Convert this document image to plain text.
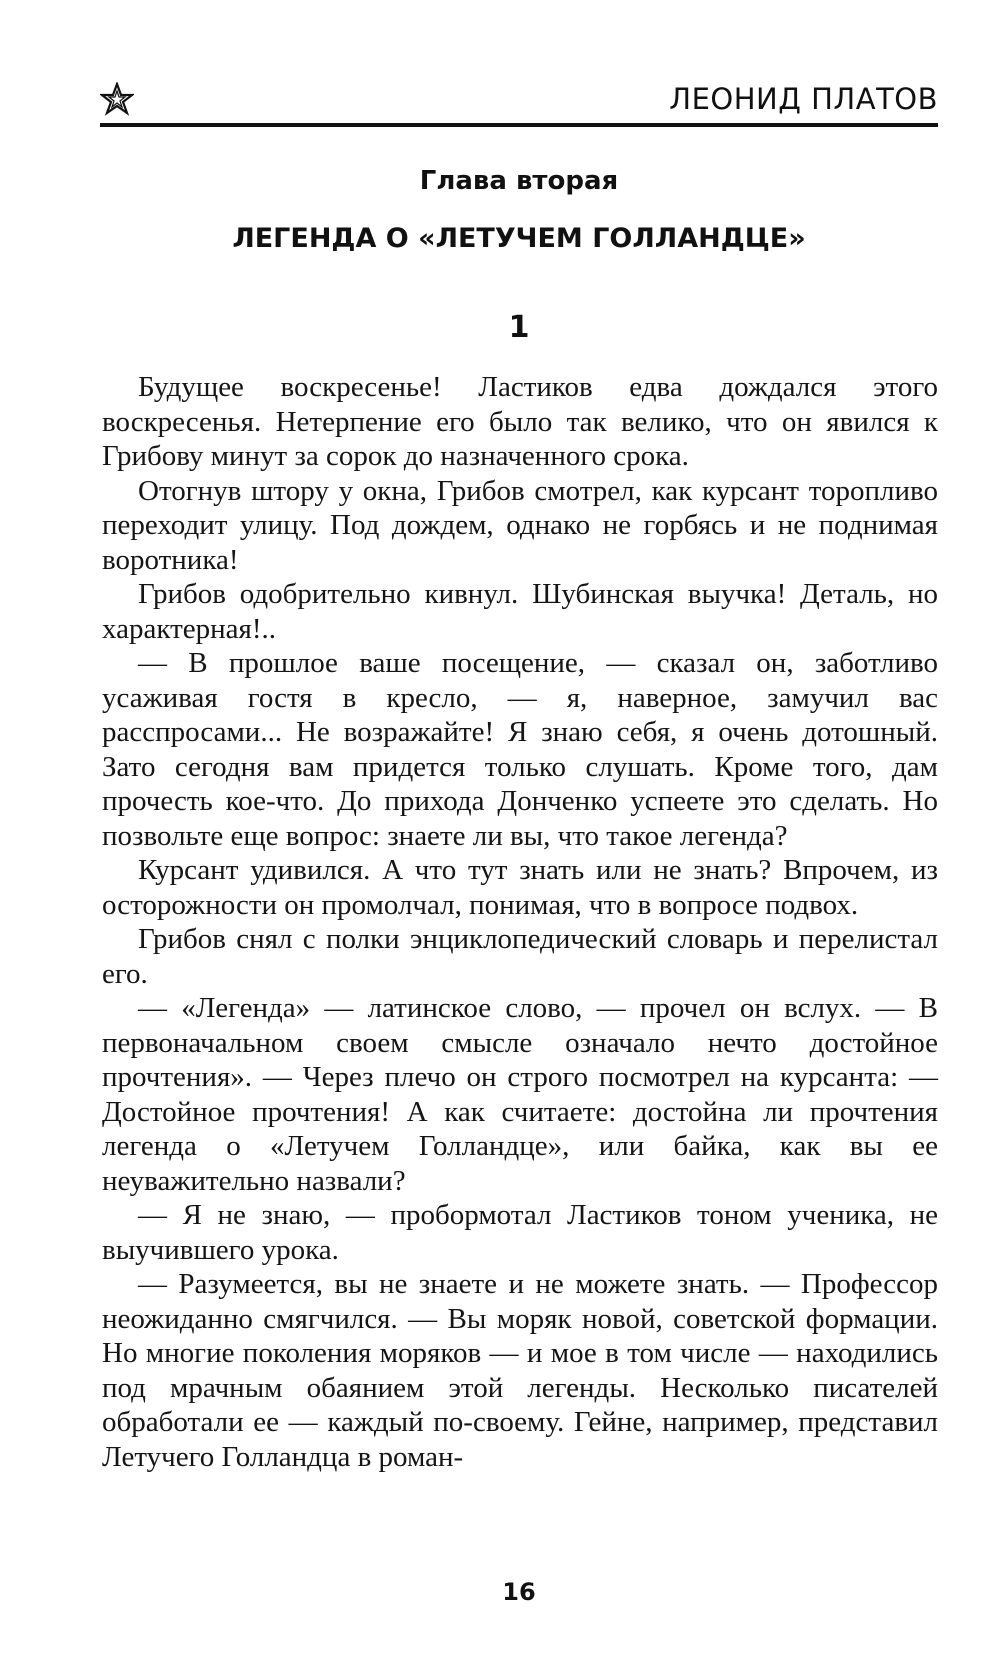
ЛЕОНИД ПЛАТОВ
Глава вторая
ЛЕГЕНДА О «ЛЕТУЧЕМ ГОЛЛАНДЦЕ»
1

Будущее воскресенье! Ластиков едва дождался этого воскресенья. Нетерпение его было так велико, что он явился к Грибову минут за сорок до назначенного срока.

Отогнув штору у окна, Грибов смотрел, как курсант торопливо переходит улицу. Под дождем, однако не горбясь и не поднимая воротника!

Грибов одобрительно кивнул. Шубинская выучка! Деталь, но характерная!..

— В прошлое ваше посещение, — сказал он, заботливо усаживая гостя в кресло, — я, наверное, замучил вас расспросами... Не возражайте! Я знаю себя, я очень дотошный. Зато сегодня вам придется только слушать. Кроме того, дам прочесть кое-что. До прихода Донченко успеете это сделать. Но позвольте еще вопрос: знаете ли вы, что такое легенда?

Курсант удивился. А что тут знать или не знать? Впрочем, из осторожности он промолчал, понимая, что в вопросе подвох.

Грибов снял с полки энциклопедический словарь и перелистал его.

— «Легенда» — латинское слово, — прочел он вслух. — В первоначальном своем смысле означало нечто достойное прочтения». — Через плечо он строго посмотрел на курсанта: — Достойное прочтения! А как считаете: достойна ли прочтения легенда о «Летучем Голландце», или байка, как вы ее неуважительно назвали?

— Я не знаю, — пробормотал Ластиков тоном ученика, не выучившего урока.

— Разумеется, вы не знаете и не можете знать. — Профессор неожиданно смягчился. — Вы моряк новой, советской формации. Но многие поколения моряков — и мое в том числе — находились под мрачным обаянием этой легенды. Несколько писателей обработали ее — каждый по-своему. Гейне, например, представил Летучего Голландца в роман-

16
